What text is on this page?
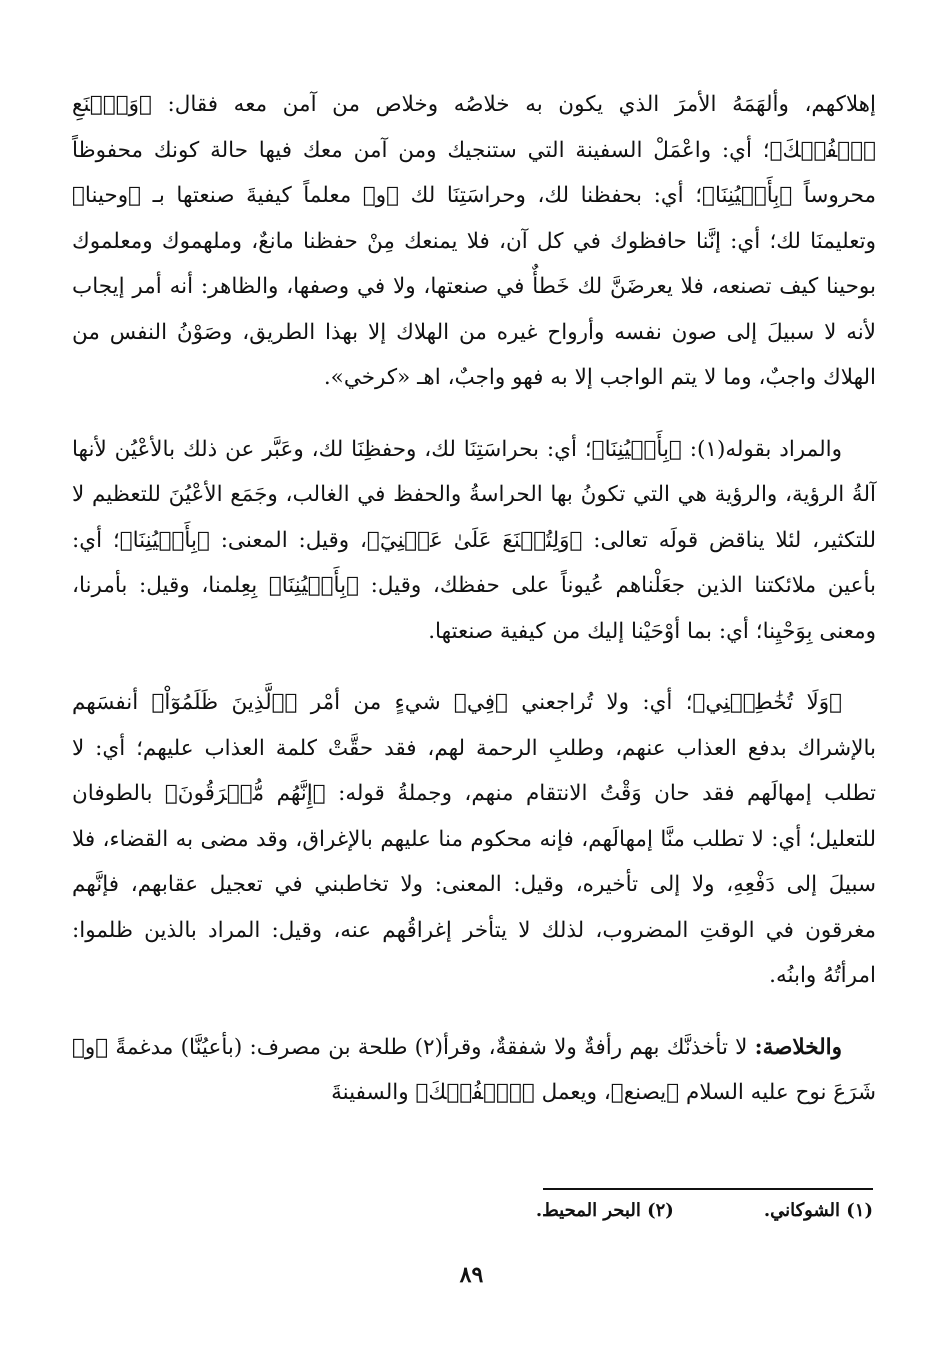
إهلاكهم، وألهَمَهُ الأمرَ الذي يكون به خلاصُه وخلاص من آمن معه فقال: ﴿وَٱصۡنَعِ ٱلۡفُلۡكَ﴾؛ أي: واعْمَلْ السفينة التي ستنجيك ومن آمن معك فيها حالة كونك محفوظاً محروساً ﴿بِأَعۡيُنِنَا﴾؛ أي: بحفظنا لك، وحراسَتِنَا لك ﴿و﴾ معلماً كيفيةَ صنعتها بـ ﴿وحينا﴾ وتعليمنَا لك؛ أي: إنَّنا حافظوك في كل آن، فلا يمنعك مِنْ حفظنا مانعٌ، وملهموك ومعلموك بوحينا كيف تصنعه، فلا يعرضَنَّ لك خَطأٌ في صنعتها، ولا في وصفها، والظاهر: أنه أمر إيجاب لأنه لا سبيلَ إلى صون نفسه وأرواح غيره من الهلاك إلا بهذا الطريق، وصَوْنُ النفس من الهلاك واجبٌ، وما لا يتم الواجب إلا به فهو واجبٌ، اهـ «كرخي».

والمراد بقوله(١): ﴿بِأَعۡيُنِنَا﴾؛ أي: بحراسَتِنَا لك، وحفظِنَا لك، وعَبَّر عن ذلك بالأعْيُن لأنها آلةُ الرؤية، والرؤية هي التي تكونُ بها الحراسةُ والحفظ في الغالب، وجَمَع الأعْيُنَ للتعظيم لا للتكثير، لئلا يناقض قولَه تعالى: ﴿وَلِتُصۡنَعَ عَلَىٰ عَيۡنِيٓ﴾، وقيل: المعنى: ﴿بِأَعۡيُنِنَا﴾؛ أي: بأعين ملائكتنا الذين جعَلْناهم عُيوناً على حفظك، وقيل: ﴿بِأَعۡيُنِنَا﴾ بِعِلمنا، وقيل: بأمرنا، ومعنى بِوَحْيِنا؛ أي: بما أوْحَيْنا إليك من كيفية صنعتها.

﴿وَلَا تُخَٰطِبۡنِي﴾؛ أي: ولا تُراجعني ﴿فِي﴾ شيءٍ من أمْر ﴿ٱلَّذِينَ ظَلَمُوٓاْ﴾ أنفسَهم بالإشراك بدفع العذاب عنهم، وطلبِ الرحمة لهم، فقد حقَّتْ كلمة العذاب عليهم؛ أي: لا تطلب إمهالَهم فقد حان وَقْتُ الانتقام منهم، وجملةُ قوله: ﴿إِنَّهُم مُّغۡرَقُونَ﴾ بالطوفان للتعليل؛ أي: لا تطلب منَّا إمهالَهم، فإنه محكوم منا عليهم بالإغراق، وقد مضى به القضاء، فلا سبيلَ إلى دَفْعِهِ، ولا إلى تأخيره، وقيل: المعنى: ولا تخاطبني في تعجيل عقابهم، فإنَّهم مغرقون في الوقتِ المضروب، لذلك لا يتأخر إغراقُهم عنه، وقيل: المراد بالذين ظلموا: امرأتُهُ وابنُه.

والخلاصة: لا تأخذنَّك بهم رأفةٌ ولا شفقةٌ، وقرأ(٢) طلحة بن مصرف: (بأعيُنَّا) مدغمةً ﴿و﴾ شَرَعَ نوح عليه السلام ﴿يصنع﴾، ويعمل ﴿ٱلۡفُلۡكَ﴾ والسفينةَ

(١) الشوكاني.
(٢) البحر المحيط.
٨٩
